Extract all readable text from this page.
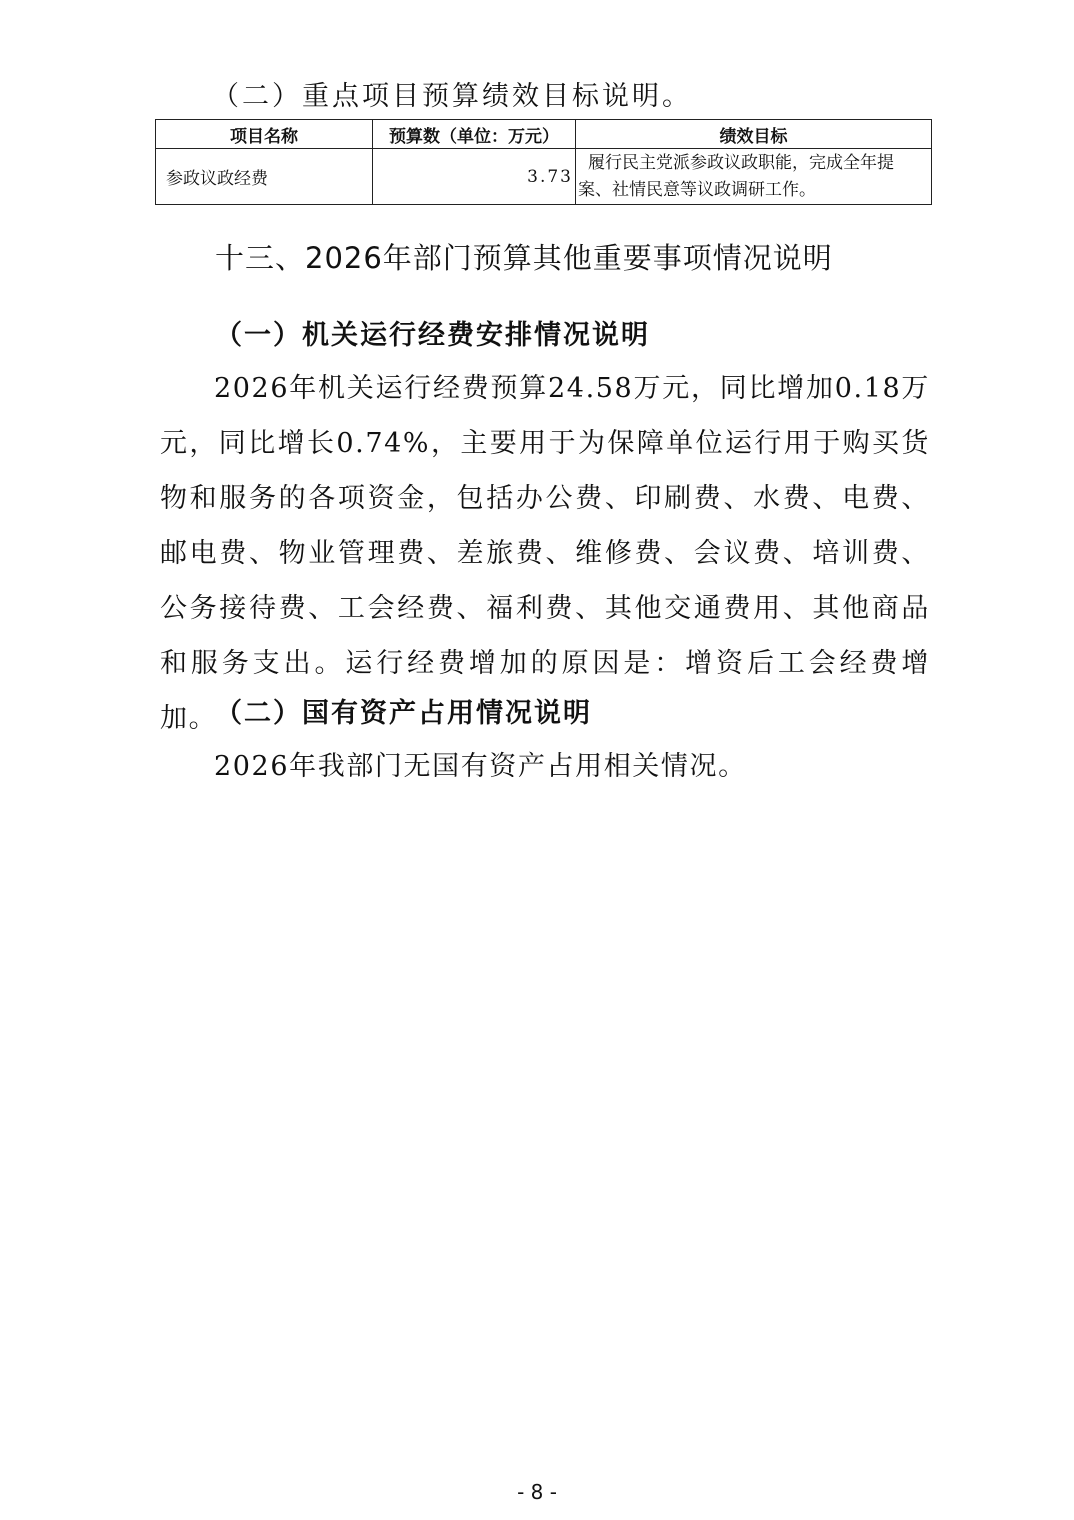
（二）重点项目预算绩效目标说明。
项目名称	预算数（单位：万元）	绩效目标
参政议政经费	3.73	履行民主党派参政议政职能，完成全年提案、社情民意等议政调研工作。
十三、2026年部门预算其他重要事项情况说明
（一）机关运行经费安排情况说明
2026年机关运行经费预算24.58万元，同比增加0.18万元，同比增长0.74%，主要用于为保障单位运行用于购买货物和服务的各项资金，包括办公费、印刷费、水费、电费、邮电费、物业管理费、差旅费、维修费、会议费、培训费、公务接待费、工会经费、福利费、其他交通费用、其他商品和服务支出。运行经费增加的原因是：增资后工会经费增加。
（二）国有资产占用情况说明
2026年我部门无国有资产占用相关情况。
- 8 -
